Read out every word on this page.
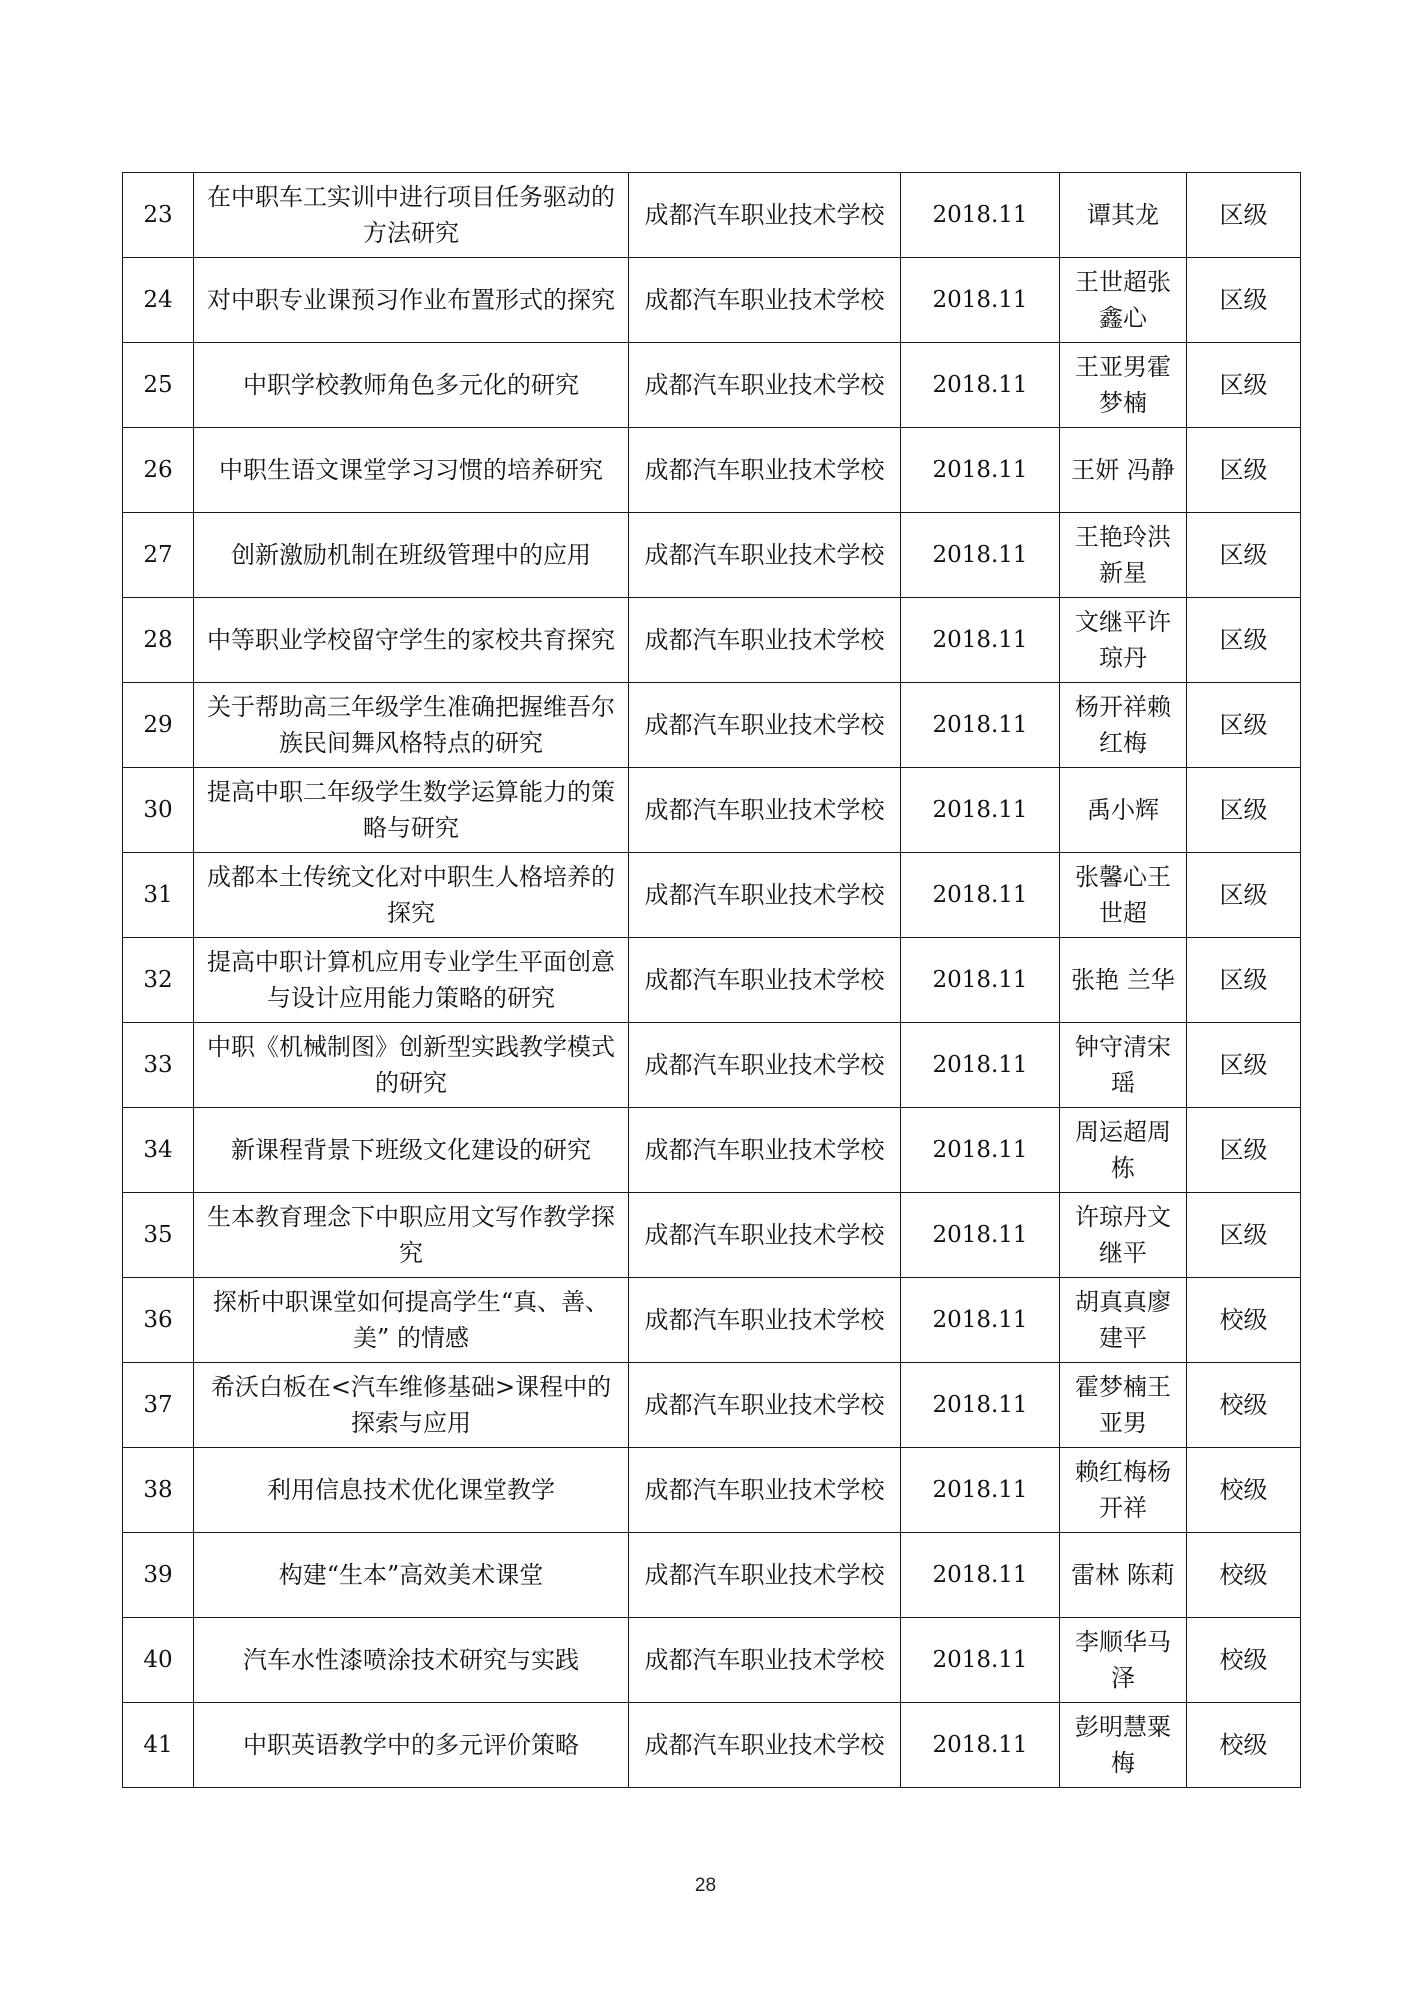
23	在中职车工实训中进行项目任务驱动的方法研究	成都汽车职业技术学校	2018.11	谭其龙	区级
24	对中职专业课预习作业布置形式的探究	成都汽车职业技术学校	2018.11	王世超张鑫心	区级
25	中职学校教师角色多元化的研究	成都汽车职业技术学校	2018.11	王亚男霍梦楠	区级
26	中职生语文课堂学习习惯的培养研究	成都汽车职业技术学校	2018.11	王妍 冯静	区级
27	创新激励机制在班级管理中的应用	成都汽车职业技术学校	2018.11	王艳玲洪新星	区级
28	中等职业学校留守学生的家校共育探究	成都汽车职业技术学校	2018.11	文继平许琼丹	区级
29	关于帮助高三年级学生准确把握维吾尔族民间舞风格特点的研究	成都汽车职业技术学校	2018.11	杨开祥赖红梅	区级
30	提高中职二年级学生数学运算能力的策略与研究	成都汽车职业技术学校	2018.11	禹小辉	区级
31	成都本土传统文化对中职生人格培养的探究	成都汽车职业技术学校	2018.11	张馨心王世超	区级
32	提高中职计算机应用专业学生平面创意与设计应用能力策略的研究	成都汽车职业技术学校	2018.11	张艳 兰华	区级
33	中职《机械制图》创新型实践教学模式的研究	成都汽车职业技术学校	2018.11	钟守清宋瑶	区级
34	新课程背景下班级文化建设的研究	成都汽车职业技术学校	2018.11	周运超周栋	区级
35	生本教育理念下中职应用文写作教学探究	成都汽车职业技术学校	2018.11	许琼丹文继平	区级
36	探析中职课堂如何提高学生“真、善、美” 的情感	成都汽车职业技术学校	2018.11	胡真真廖建平	校级
37	希沃白板在<汽车维修基础>课程中的探索与应用	成都汽车职业技术学校	2018.11	霍梦楠王亚男	校级
38	利用信息技术优化课堂教学	成都汽车职业技术学校	2018.11	赖红梅杨开祥	校级
39	构建“生本”高效美术课堂	成都汽车职业技术学校	2018.11	雷林 陈莉	校级
40	汽车水性漆喷涂技术研究与实践	成都汽车职业技术学校	2018.11	李顺华马泽	校级
41	中职英语教学中的多元评价策略	成都汽车职业技术学校	2018.11	彭明慧粟梅	校级
28
